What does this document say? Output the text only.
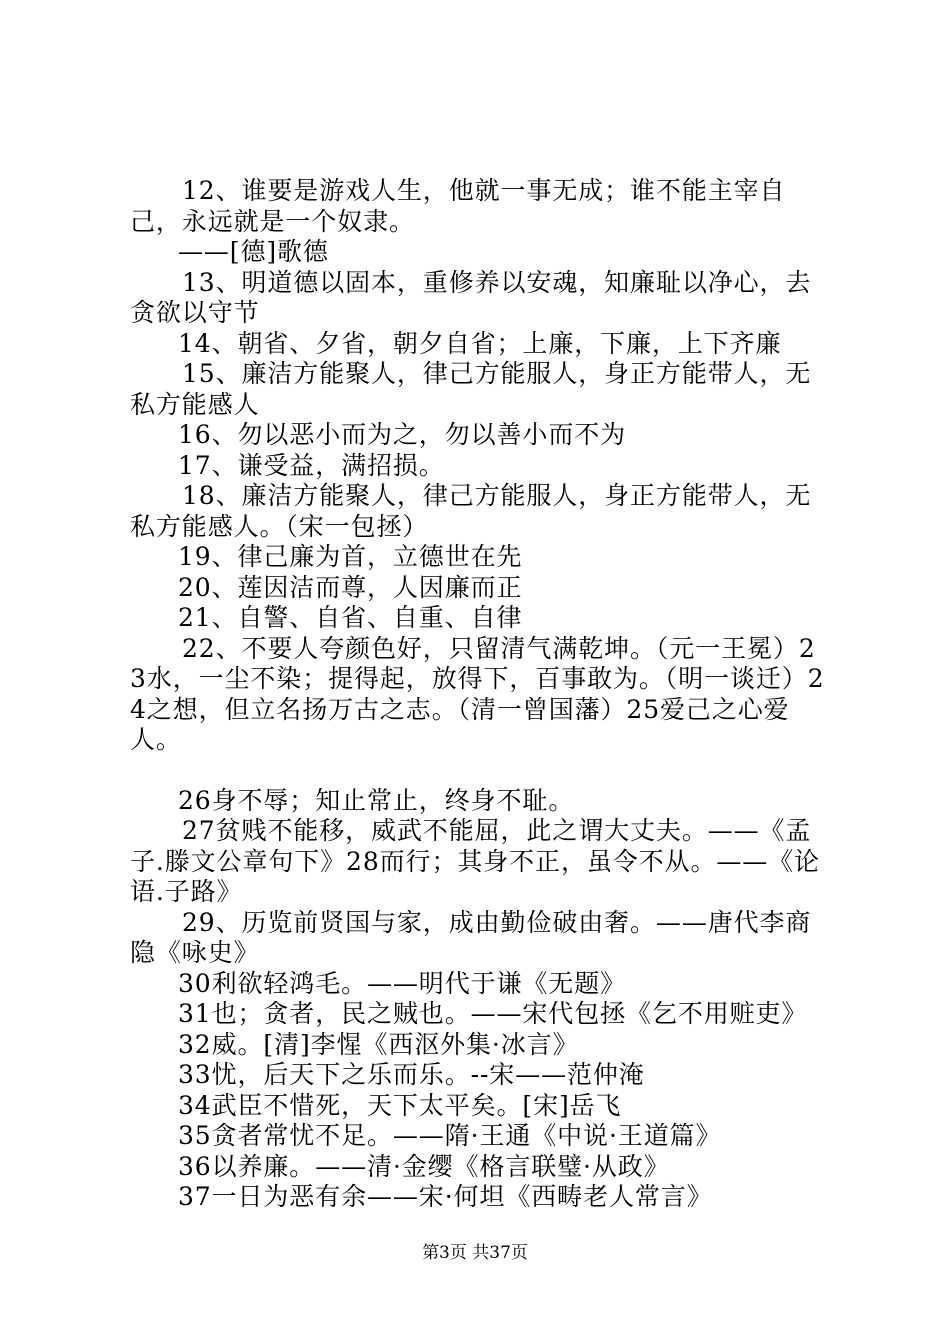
12、谁要是游戏人生，他就一事无成；谁不能主宰自己，永远就是一个奴隶。

——[德]歌德

13、明道德以固本，重修养以安魂，知廉耻以净心，去贪欲以守节

14、朝省、夕省，朝夕自省；上廉，下廉，上下齐廉

15、廉洁方能聚人，律己方能服人，身正方能带人，无私方能感人

16、勿以恶小而为之，勿以善小而不为

17、谦受益，满招损。

18、廉洁方能聚人，律己方能服人，身正方能带人，无私方能感人。（宋一包拯）

19、律己廉为首，立德世在先

20、莲因洁而尊，人因廉而正

21、自警、自省、自重、自律

22、不要人夸颜色好，只留清气满乾坤。（元一王冕）23水，一尘不染；提得起，放得下，百事敢为。（明一谈迁）24之想，但立名扬万古之志。（清一曾国藩）25爱己之心爱人。

26身不辱；知止常止，终身不耻。

27贫贱不能移，威武不能屈，此之谓大丈夫。——《孟子.滕文公章句下》28而行；其身不正，虽令不从。——《论语.子路》

29、历览前贤国与家，成由勤俭破由奢。——唐代李商隐《咏史》

30利欲轻鸿毛。——明代于谦《无题》

31也；贪者，民之贼也。——宋代包拯《乞不用赃吏》

32威。[清]李惺《西沤外集·冰言》

33忧，后天下之乐而乐。--宋——范仲淹

34武臣不惜死，天下太平矣。[宋]岳飞

35贪者常忧不足。——隋·王通《中说·王道篇》

36以养廉。——清·金缨《格言联璧·从政》

37一日为恶有余——宋·何坦《西畴老人常言》

第3页 共37页
